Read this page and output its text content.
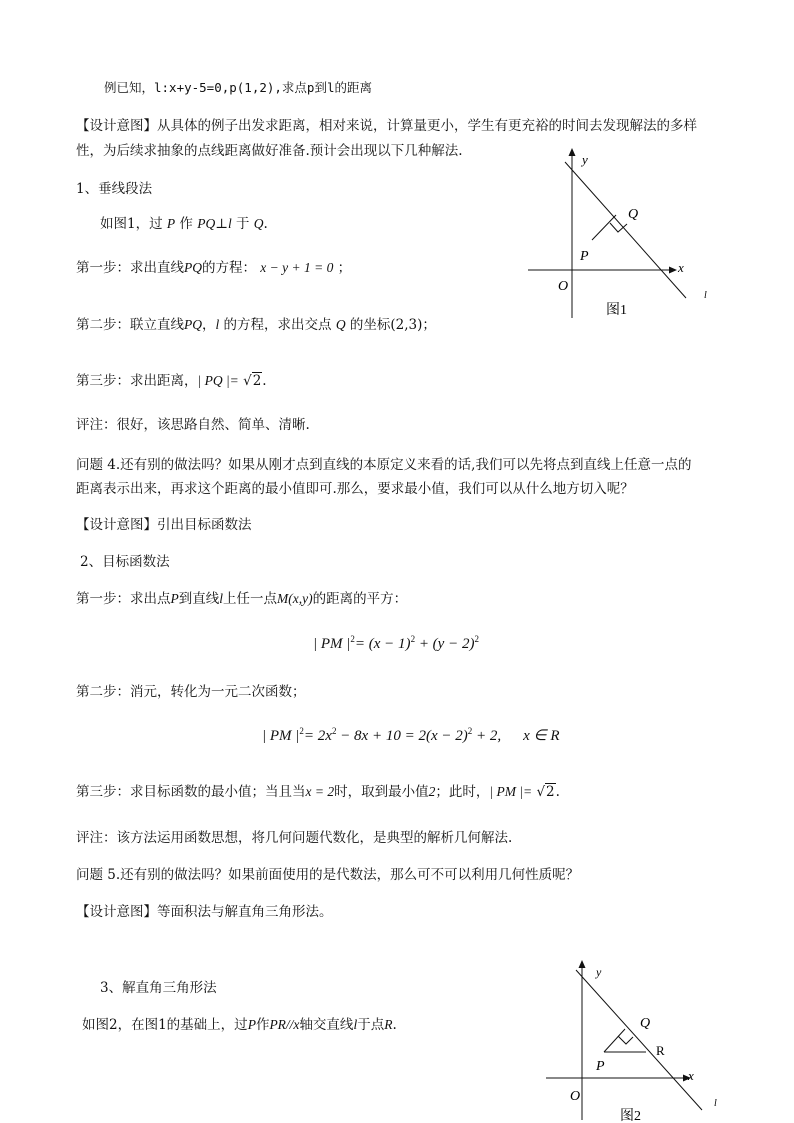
例已知，l:x+y-5=0,p(1,2),求点p到l的距离
【设计意图】从具体的例子出发求距离，相对来说，计算量更小，学生有更充裕的时间去发现解法的多样
性，为后续求抽象的点线距离做好准备.预计会出现以下几种解法.
1、垂线段法
如图1，过 P 作 PQ⊥l 于 Q.
第一步：求出直线PQ的方程： x − y + 1 = 0 ；
第二步：联立直线PQ，l 的方程，求出交点 Q 的坐标(2,3)；
第三步：求出距离，| PQ |= √2.
评注：很好，该思路自然、简单、清晰.
问题 4.还有别的做法吗？如果从刚才点到直线的本原定义来看的话,我们可以先将点到直线上任意一点的
距离表示出来，再求这个距离的最小值即可.那么，要求最小值，我们可以从什么地方切入呢？
【设计意图】引出目标函数法
2、目标函数法
第一步：求出点P到直线l上任一点M(x,y)的距离的平方：
| PM $|^2= (x - 1)^2 + (y - 2)^2$
第二步：消元，转化为一元二次函数；
| PM $|^2= 2x^2 - 8x + 10 = 2(x - 2)^2 + 2$, x ∈ R
第三步：求目标函数的最小值；当且当x = 2时，取到最小值2；此时，| PM |= √2.
评注：该方法运用函数思想，将几何问题代数化，是典型的解析几何解法.
问题 5.还有别的做法吗？如果前面使用的是代数法，那么可不可以利用几何性质呢？
【设计意图】等面积法与解直角三角形法。
3、解直角三角形法
如图2，在图1的基础上，过P作PR//x轴交直线l于点R.
y
Q
P
x
O
l
图1
y
Q
R
P
x
O	l
图2
